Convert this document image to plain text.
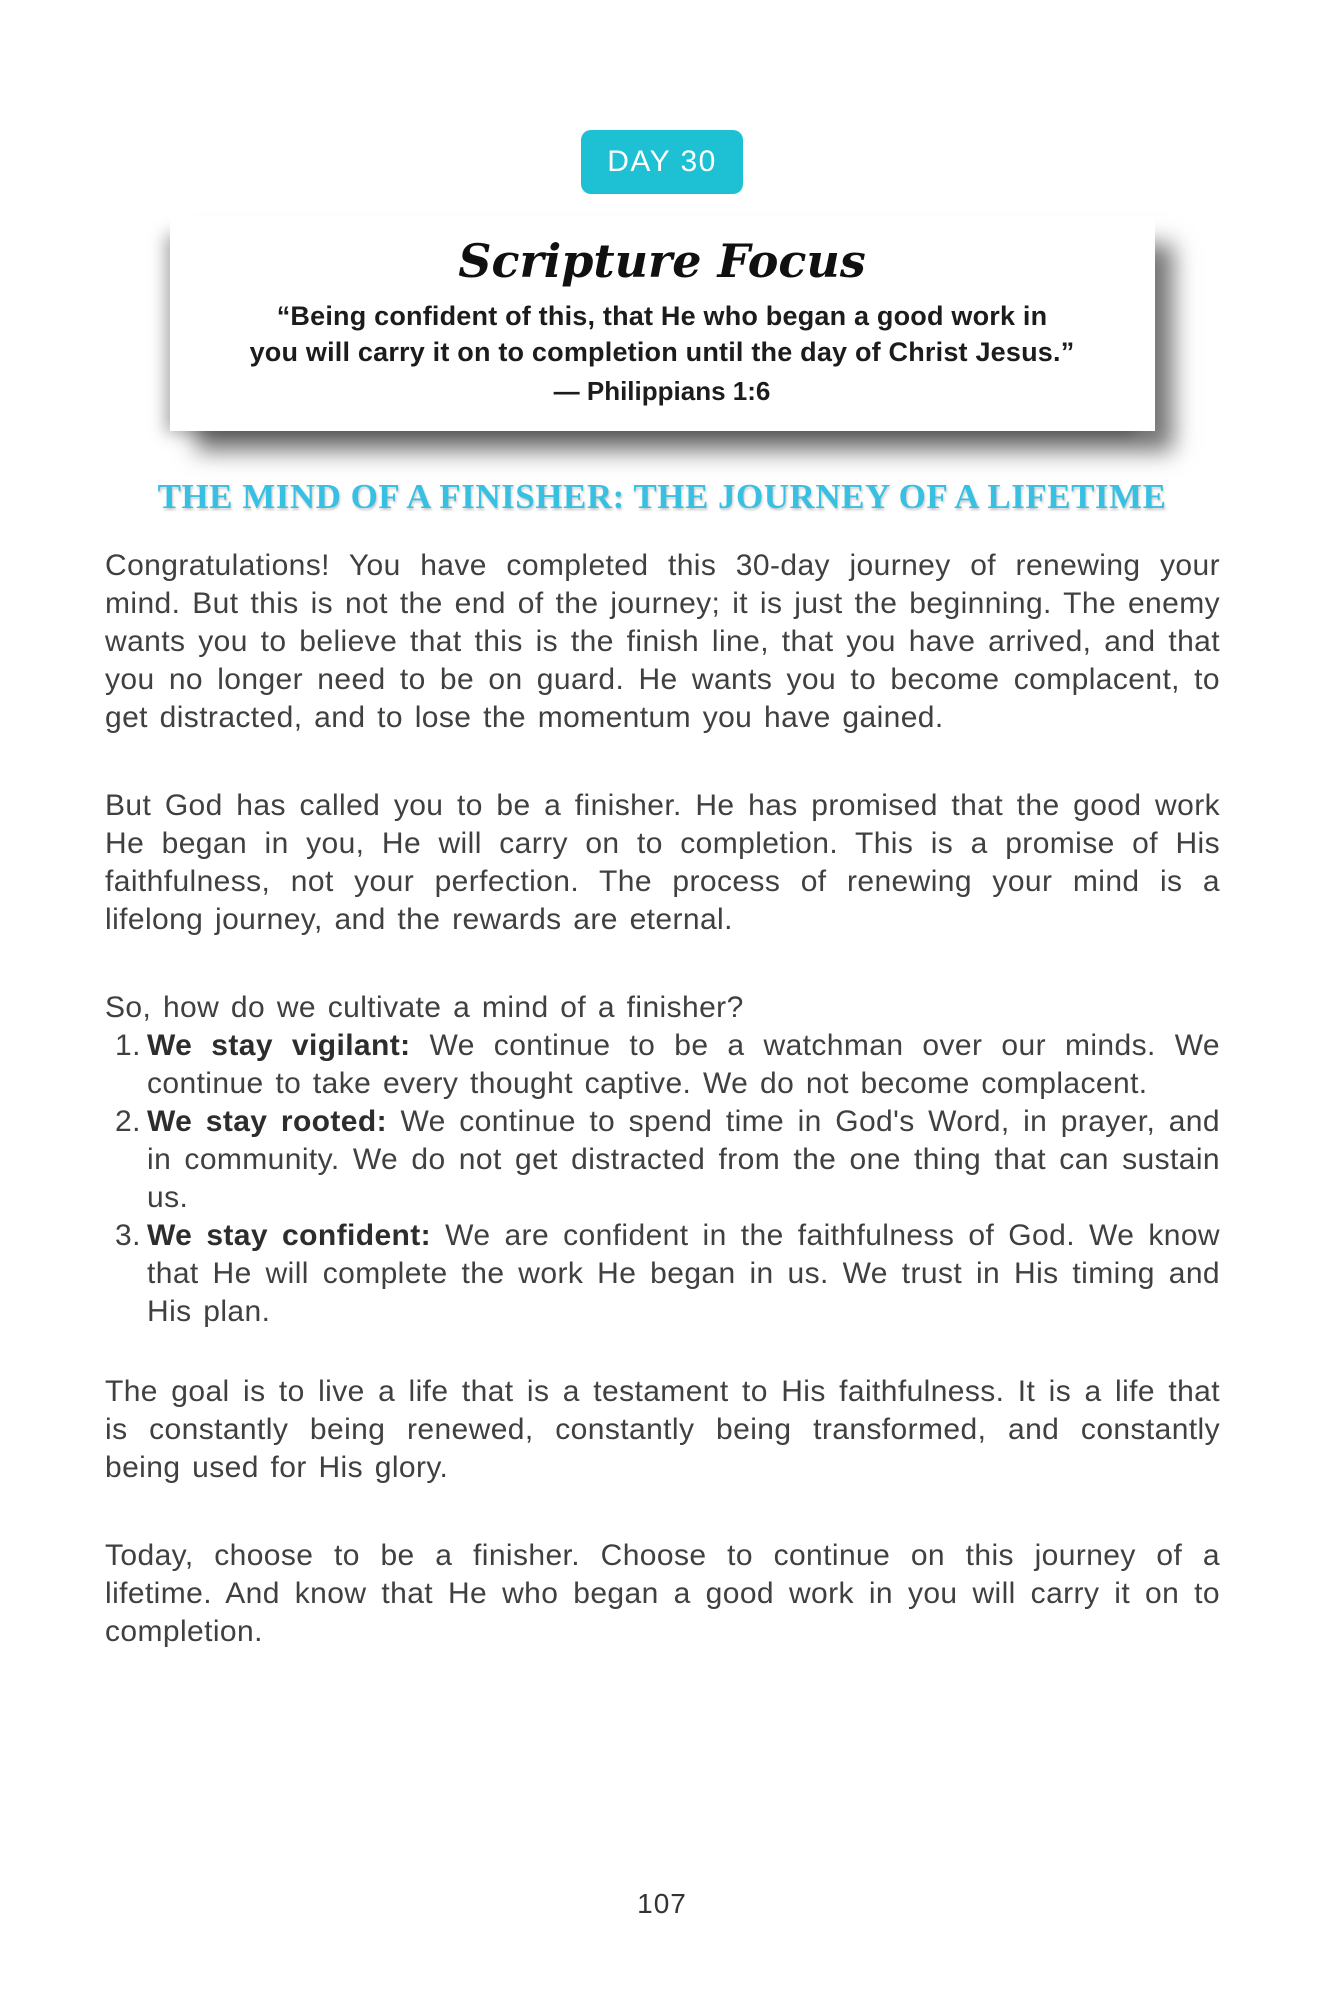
DAY 30
Scripture Focus
“Being confident of this, that He who began a good work in
you will carry it on to completion until the day of Christ Jesus.”
— Philippians 1:6
THE MIND OF A FINISHER: THE JOURNEY OF A LIFETIME

Congratulations! You have completed this 30-day journey of renewing your mind. But this is not the end of the journey; it is just the beginning. The enemy wants you to believe that this is the finish line, that you have arrived, and that you no longer need to be on guard. He wants you to become complacent, to get distracted, and to lose the momentum you have gained.

But God has called you to be a finisher. He has promised that the good work He began in you, He will carry on to completion. This is a promise of His faithfulness, not your perfection. The process of renewing your mind is a lifelong journey, and the rewards are eternal.

So, how do we cultivate a mind of a finisher?

1. We stay vigilant: We continue to be a watchman over our minds. We continue to take every thought captive. We do not become complacent.
2. We stay rooted: We continue to spend time in God's Word, in prayer, and in community. We do not get distracted from the one thing that can sustain us.
3. We stay confident: We are confident in the faithfulness of God. We know that He will complete the work He began in us. We trust in His timing and His plan.

The goal is to live a life that is a testament to His faithfulness. It is a life that is constantly being renewed, constantly being transformed, and constantly being used for His glory.

Today, choose to be a finisher. Choose to continue on this journey of a lifetime. And know that He who began a good work in you will carry it on to completion.

107
